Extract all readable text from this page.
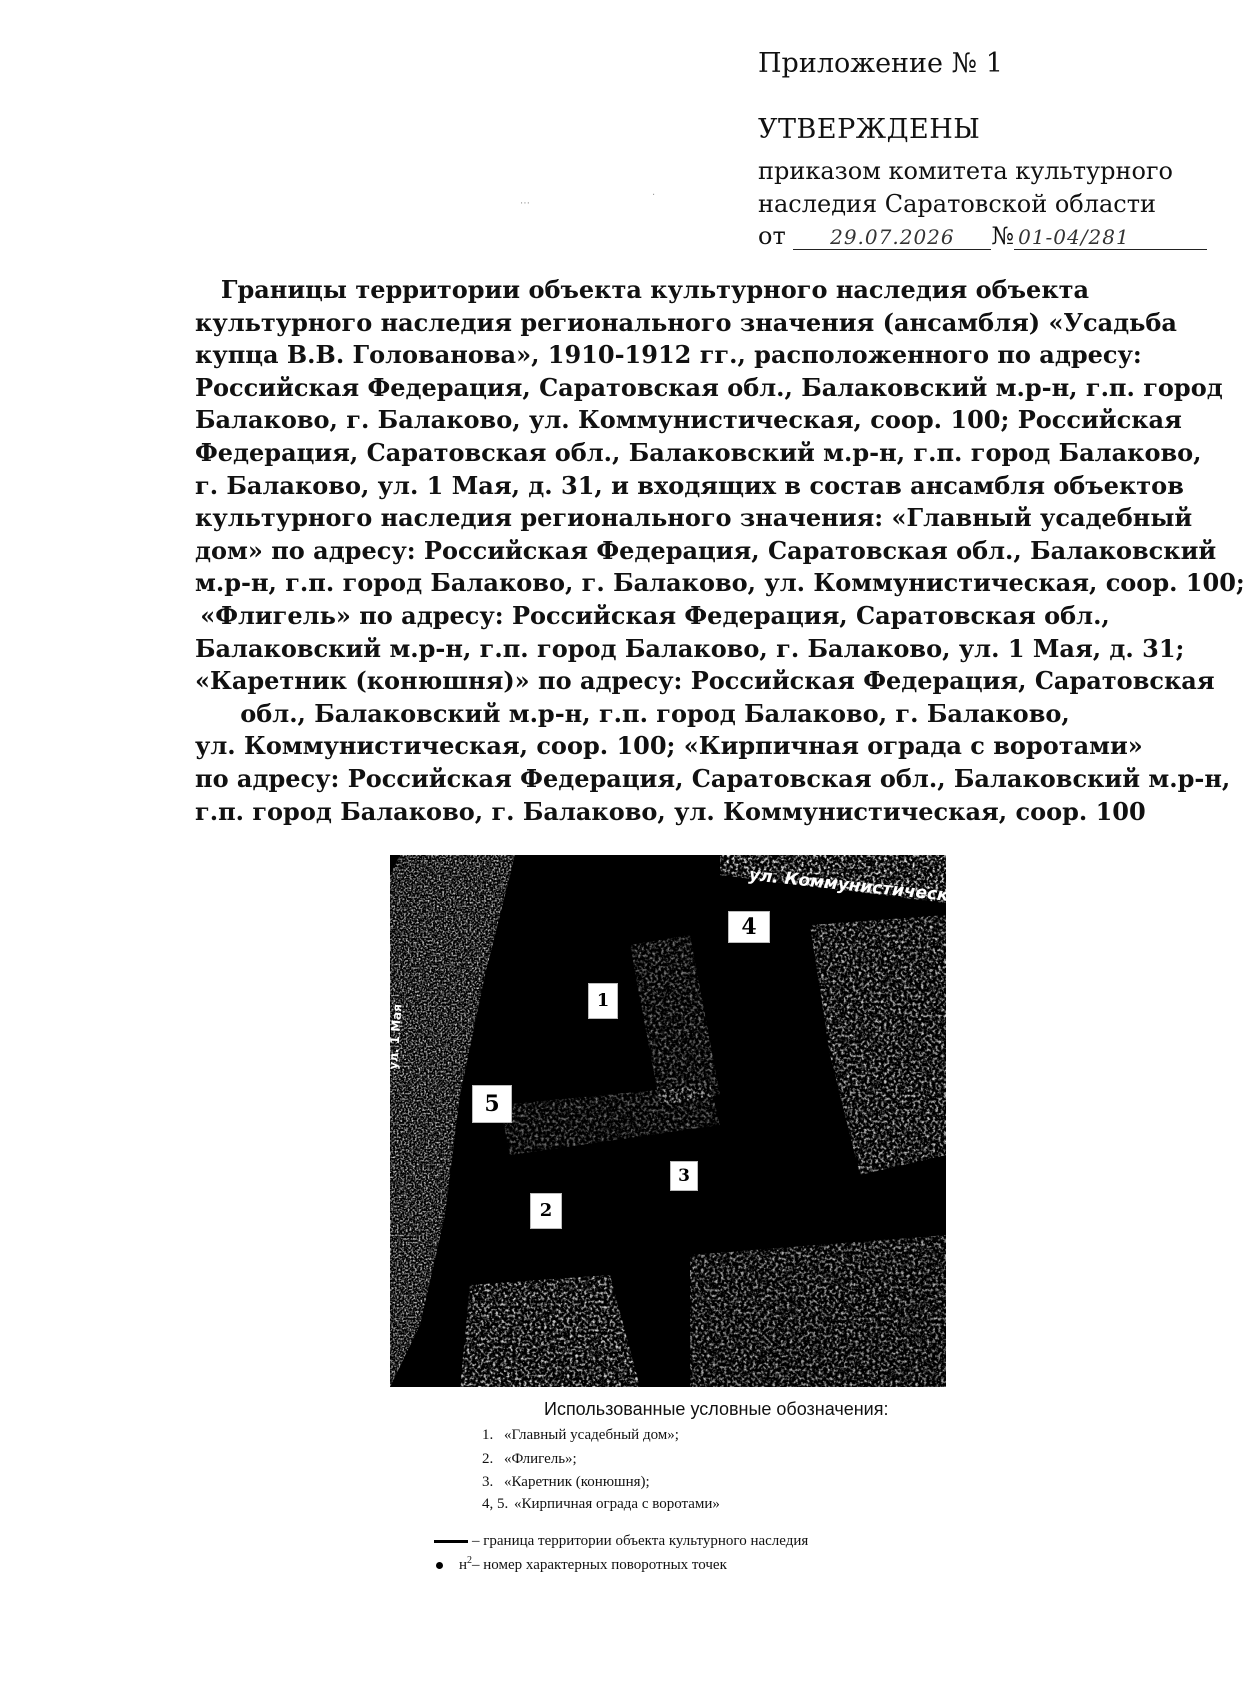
Приложение № 1
УТВЕРЖДЕНЫ
приказом комитета культурного
наследия Саратовской области
от 29.07.2026 № 01-04/281
⋯
·
Границы территории объекта культурного наследия объекта
культурного наследия регионального значения (ансамбля) «Усадьба
купца В.В. Голованова», 1910-1912 гг., расположенного по адресу:
Российская Федерация, Саратовская обл., Балаковский м.р-н, г.п. город
Балаково, г. Балаково, ул. Коммунистическая, соор. 100; Российская
Федерация, Саратовская обл., Балаковский м.р-н, г.п. город Балаково,
г. Балаково, ул. 1 Мая, д. 31, и входящих в состав ансамбля объектов
культурного наследия регионального значения: «Главный усадебный
дом» по адресу: Российская Федерация, Саратовская обл., Балаковский
м.р-н, г.п. город Балаково, г. Балаково, ул. Коммунистическая, соор. 100;
«Флигель» по адресу: Российская Федерация, Саратовская обл.,
Балаковский м.р-н, г.п. город Балаково, г. Балаково, ул. 1 Мая, д. 31;
«Каретник (конюшня)» по адресу: Российская Федерация, Саратовская
обл., Балаковский м.р-н, г.п. город Балаково, г. Балаково,
ул. Коммунистическая, соор. 100; «Кирпичная ограда с воротами»
по адресу: Российская Федерация, Саратовская обл., Балаковский м.р-н,
г.п. город Балаково, г. Балаково, ул. Коммунистическая, соор. 100
ул. Коммунистическая
ул. 1 Мая
4
1
5
3
2
Использованные условные обозначения:
1. «Главный усадебный дом»;
2. «Флигель»;
3. «Каретник (конюшня);
4, 5. «Кирпичная ограда с воротами»
– граница территории объекта культурного наследия
$н^2-$ номер характерных поворотных точек
